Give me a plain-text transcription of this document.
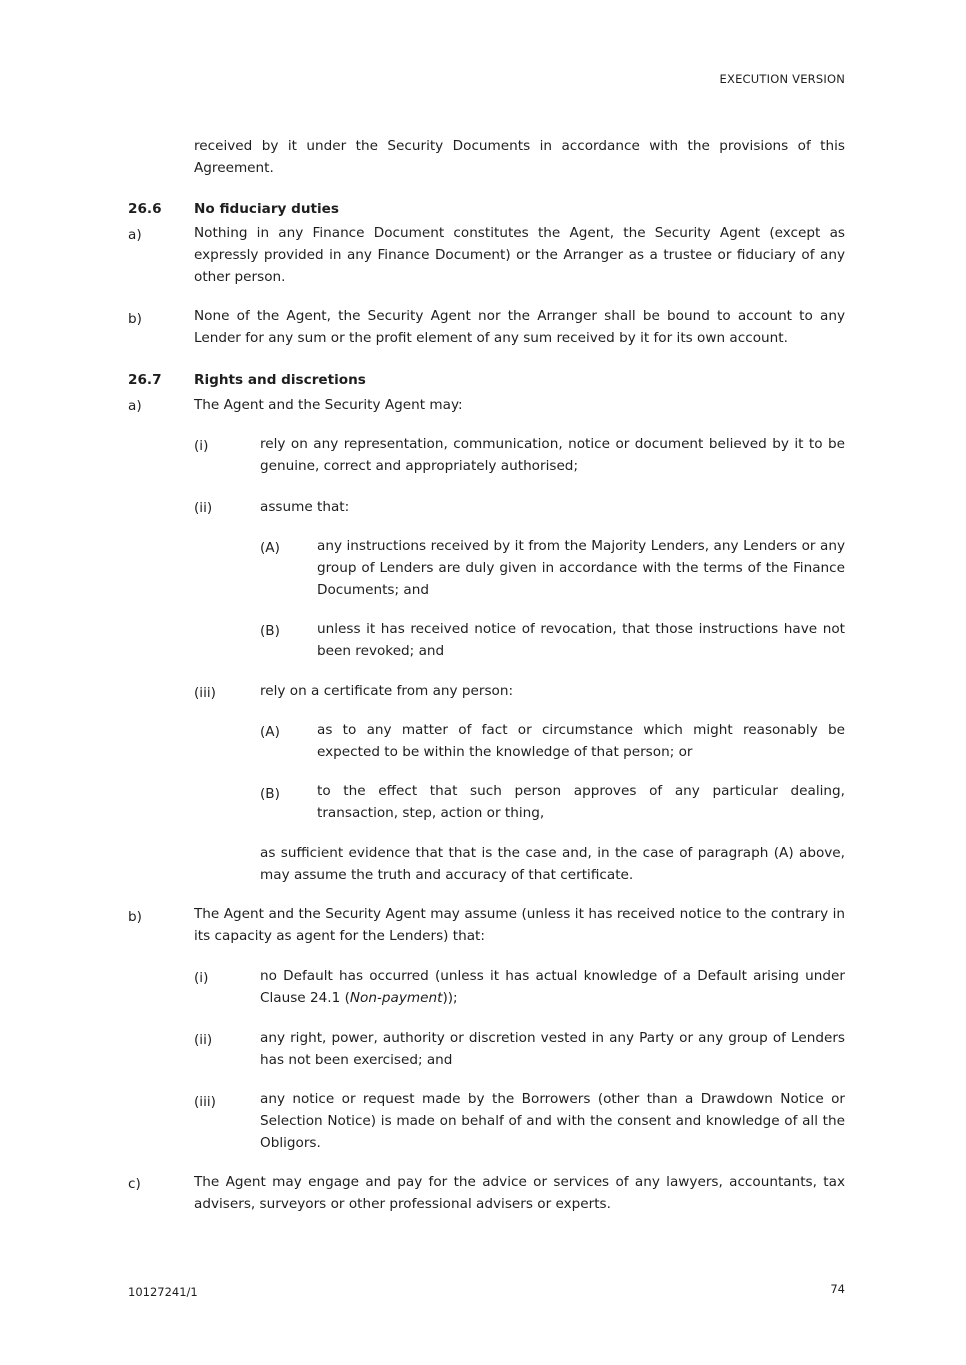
EXECUTION VERSION
received by it under the Security Documents in accordance with the provisions of this Agreement.
26.6 No fiduciary duties
a)	Nothing in any Finance Document constitutes the Agent, the Security Agent (except as expressly provided in any Finance Document) or the Arranger as a trustee or fiduciary of any other person.
b)	None of the Agent, the Security Agent nor the Arranger shall be bound to account to any Lender for any sum or the profit element of any sum received by it for its own account.
26.7 Rights and discretions
a)	The Agent and the Security Agent may:
(i)	rely on any representation, communication, notice or document believed by it to be genuine, correct and appropriately authorised;
(ii)	assume that:
(A)	any instructions received by it from the Majority Lenders, any Lenders or any group of Lenders are duly given in accordance with the terms of the Finance Documents; and
(B)	unless it has received notice of revocation, that those instructions have not been revoked; and
(iii)	rely on a certificate from any person:
(A)	as to any matter of fact or circumstance which might reasonably be expected to be within the knowledge of that person; or
(B)	to the effect that such person approves of any particular dealing, transaction, step, action or thing,
as sufficient evidence that that is the case and, in the case of paragraph (A) above, may assume the truth and accuracy of that certificate.
b)	The Agent and the Security Agent may assume (unless it has received notice to the contrary in its capacity as agent for the Lenders) that:
(i)	no Default has occurred (unless it has actual knowledge of a Default arising under Clause 24.1 (Non-payment));
(ii)	any right, power, authority or discretion vested in any Party or any group of Lenders has not been exercised; and
(iii)	any notice or request made by the Borrowers (other than a Drawdown Notice or Selection Notice) is made on behalf of and with the consent and knowledge of all the Obligors.
c)	The Agent may engage and pay for the advice or services of any lawyers, accountants, tax advisers, surveyors or other professional advisers or experts.
10127241/1	74
